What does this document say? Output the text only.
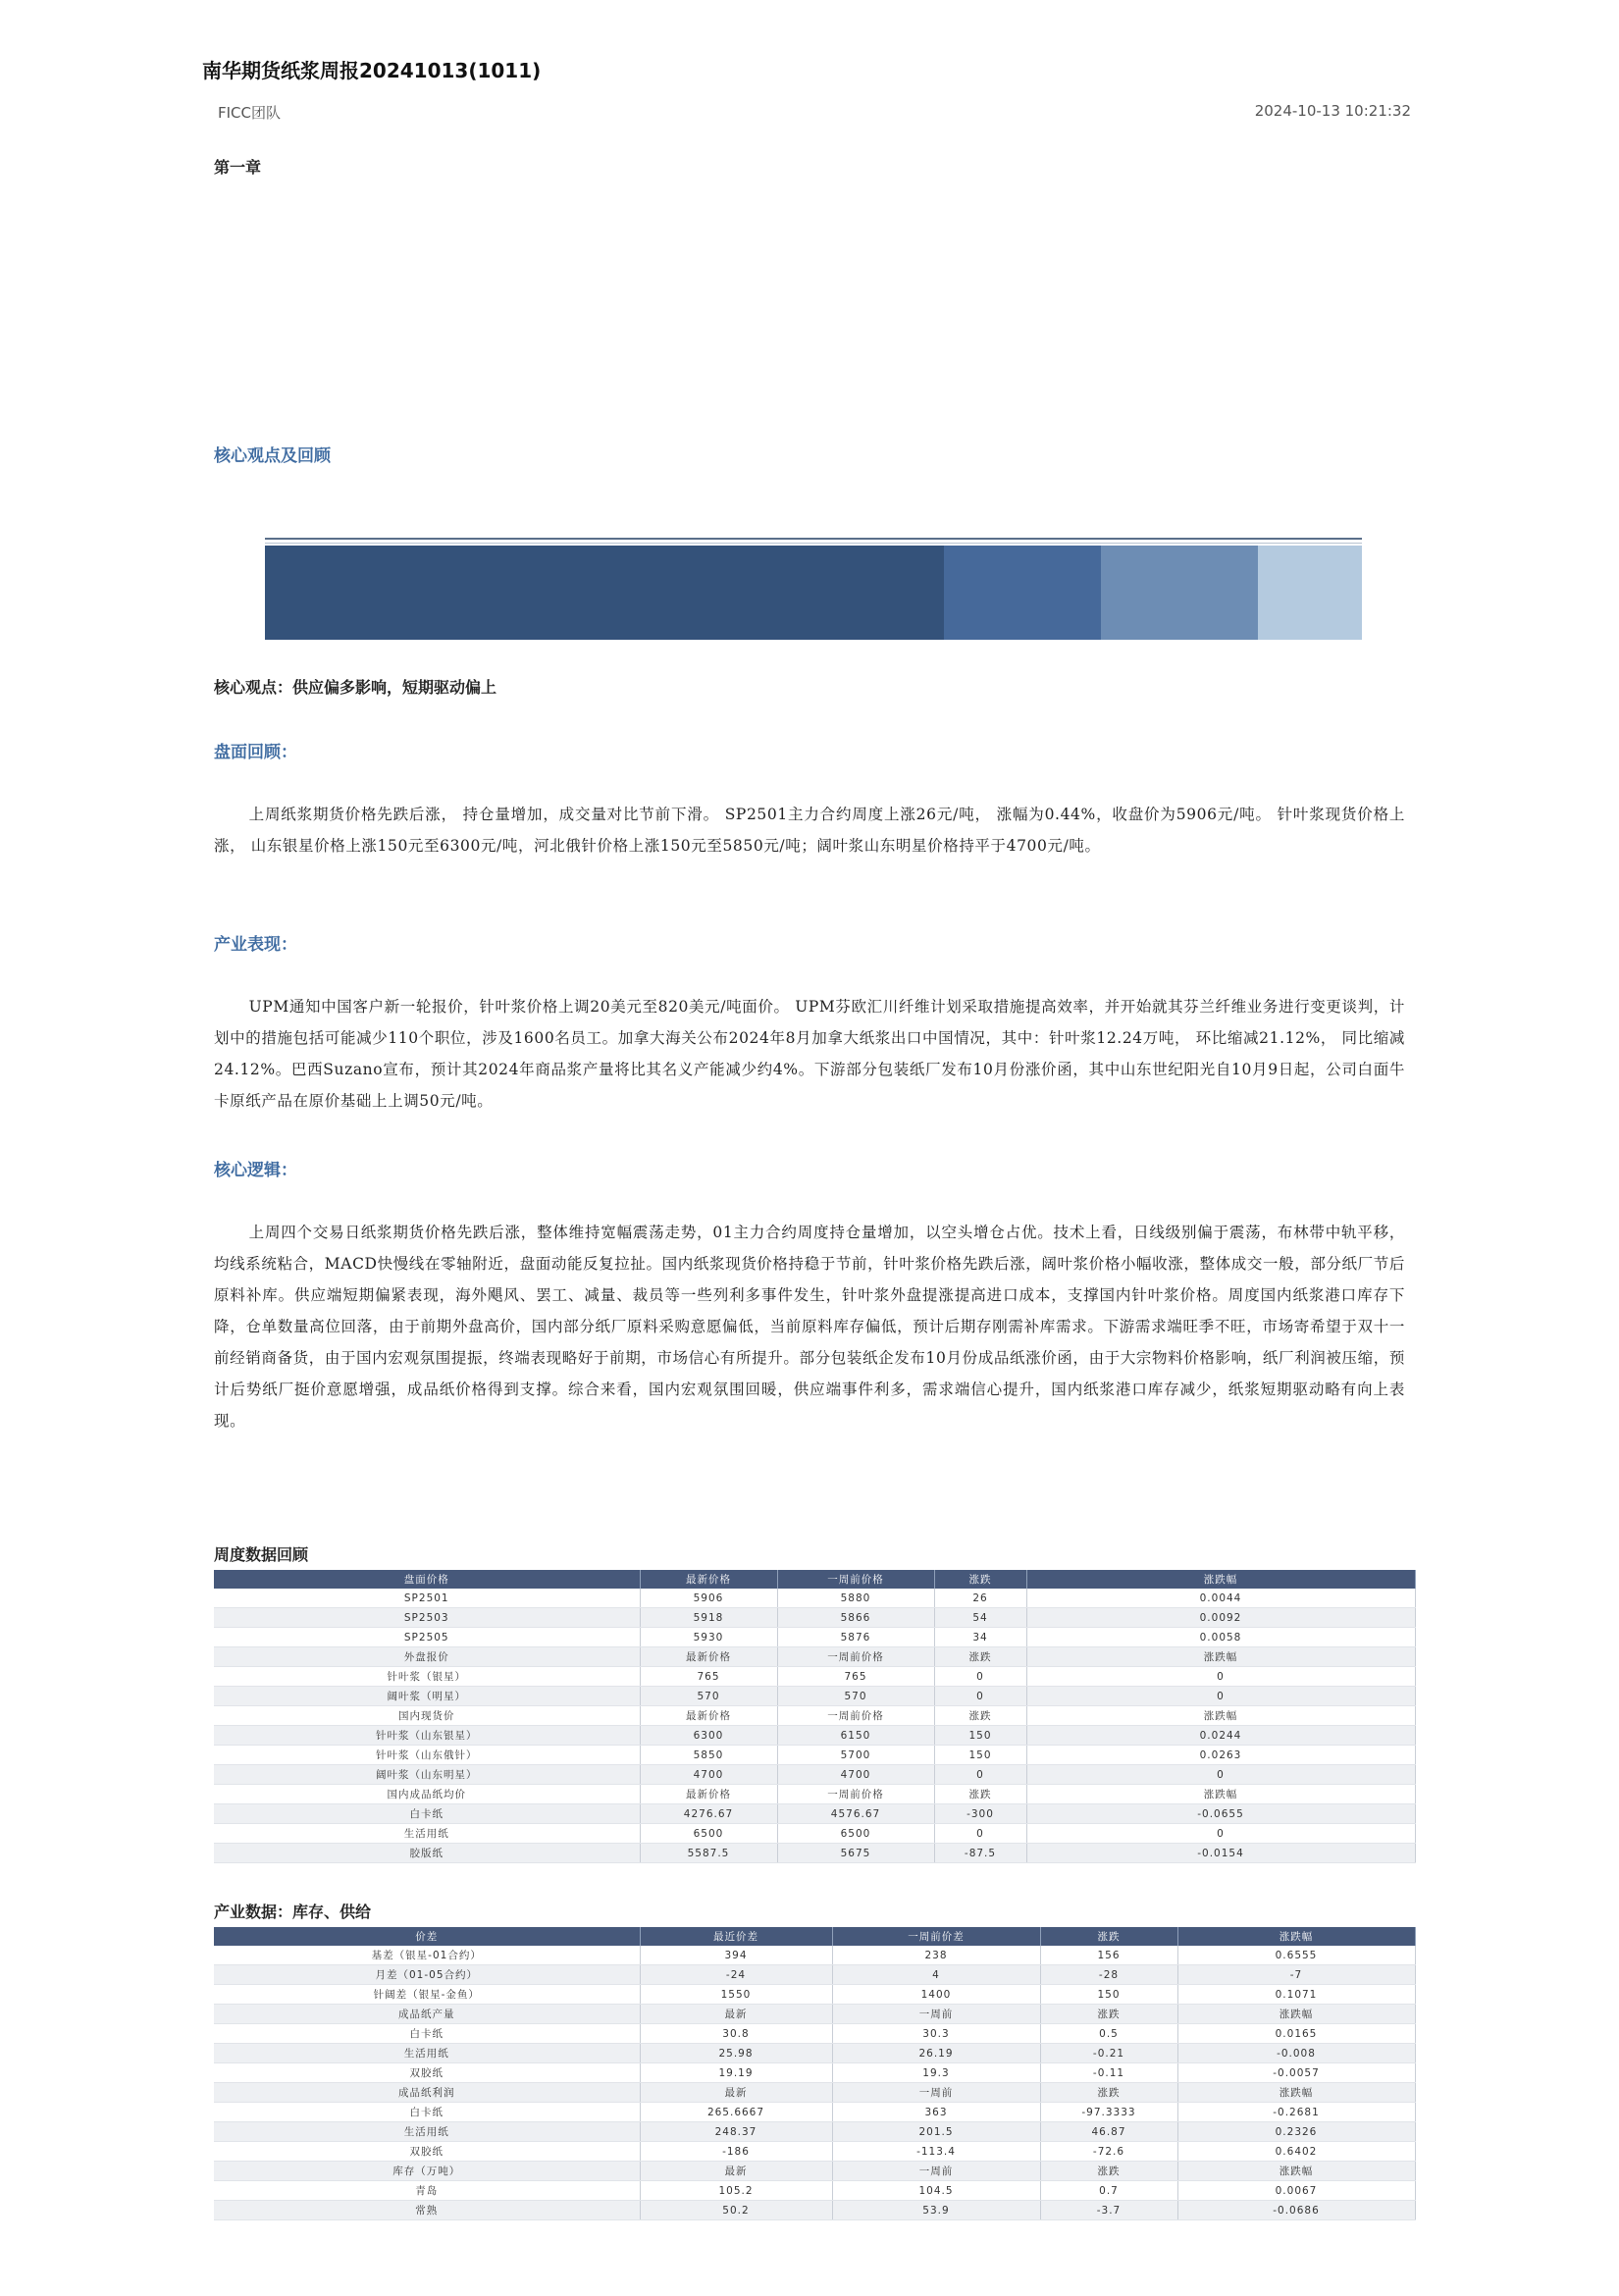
南华期货纸浆周报20241013(1011)
FICC团队	2024-10-13 10:21:32
第一章
核心观点及回顾
核心观点：供应偏多影响，短期驱动偏上
盘面回顾：
上周纸浆期货价格先跌后涨， 持仓量增加，成交量对比节前下滑。 SP2501主力合约周度上涨26元/吨， 涨幅为0.44%，收盘价为5906元/吨。 针叶浆现货价格上涨， 山东银星价格上涨150元至6300元/吨，河北俄针价格上涨150元至5850元/吨；阔叶浆山东明星价格持平于4700元/吨。
产业表现：
UPM通知中国客户新一轮报价，针叶浆价格上调20美元至820美元/吨面价。 UPM芬欧汇川纤维计划采取措施提高效率，并开始就其芬兰纤维业务进行变更谈判，计划中的措施包括可能减少110个职位，涉及1600名员工。加拿大海关公布2024年8月加拿大纸浆出口中国情况，其中：针叶浆12.24万吨， 环比缩减21.12%， 同比缩减24.12%。巴西Suzano宣布，预计其2024年商品浆产量将比其名义产能减少约4%。下游部分包装纸厂发布10月份涨价函，其中山东世纪阳光自10月9日起，公司白面牛卡原纸产品在原价基础上上调50元/吨。
核心逻辑：
上周四个交易日纸浆期货价格先跌后涨，整体维持宽幅震荡走势，01主力合约周度持仓量增加，以空头增仓占优。技术上看，日线级别偏于震荡，布林带中轨平移，均线系统粘合，MACD快慢线在零轴附近，盘面动能反复拉扯。国内纸浆现货价格持稳于节前，针叶浆价格先跌后涨，阔叶浆价格小幅收涨，整体成交一般，部分纸厂节后原料补库。供应端短期偏紧表现，海外飓风、罢工、减量、裁员等一些列利多事件发生，针叶浆外盘提涨提高进口成本，支撑国内针叶浆价格。周度国内纸浆港口库存下降，仓单数量高位回落，由于前期外盘高价，国内部分纸厂原料采购意愿偏低，当前原料库存偏低，预计后期存刚需补库需求。下游需求端旺季不旺，市场寄希望于双十一前经销商备货，由于国内宏观氛围提振，终端表现略好于前期，市场信心有所提升。部分包装纸企发布10月份成品纸涨价函，由于大宗物料价格影响，纸厂利润被压缩，预计后势纸厂挺价意愿增强，成品纸价格得到支撑。综合来看，国内宏观氛围回暖，供应端事件利多，需求端信心提升，国内纸浆港口库存减少，纸浆短期驱动略有向上表现。
周度数据回顾
盘面价格	最新价格	一周前价格	涨跌	涨跌幅
SP2501	5906	5880	26	0.0044
SP2503	5918	5866	54	0.0092
SP2505	5930	5876	34	0.0058
外盘报价	最新价格	一周前价格	涨跌	涨跌幅
针叶浆（银星）	765	765	0	0
阔叶浆（明星）	570	570	0	0
国内现货价	最新价格	一周前价格	涨跌	涨跌幅
针叶浆（山东银星）	6300	6150	150	0.0244
针叶浆（山东俄针）	5850	5700	150	0.0263
阔叶浆（山东明星）	4700	4700	0	0
国内成品纸均价	最新价格	一周前价格	涨跌	涨跌幅
白卡纸	4276.67	4576.67	-300	-0.0655
生活用纸	6500	6500	0	0
胶版纸	5587.5	5675	-87.5	-0.0154
产业数据：库存、供给
价差	最近价差	一周前价差	涨跌	涨跌幅
基差（银星-01合约）	394	238	156	0.6555
月差（01-05合约）	-24	4	-28	-7
针阔差（银星-金鱼）	1550	1400	150	0.1071
成品纸产量	最新	一周前	涨跌	涨跌幅
白卡纸	30.8	30.3	0.5	0.0165
生活用纸	25.98	26.19	-0.21	-0.008
双胶纸	19.19	19.3	-0.11	-0.0057
成品纸利润	最新	一周前	涨跌	涨跌幅
白卡纸	265.6667	363	-97.3333	-0.2681
生活用纸	248.37	201.5	46.87	0.2326
双胶纸	-186	-113.4	-72.6	0.6402
库存（万吨）	最新	一周前	涨跌	涨跌幅
青岛	105.2	104.5	0.7	0.0067
常熟	50.2	53.9	-3.7	-0.0686
